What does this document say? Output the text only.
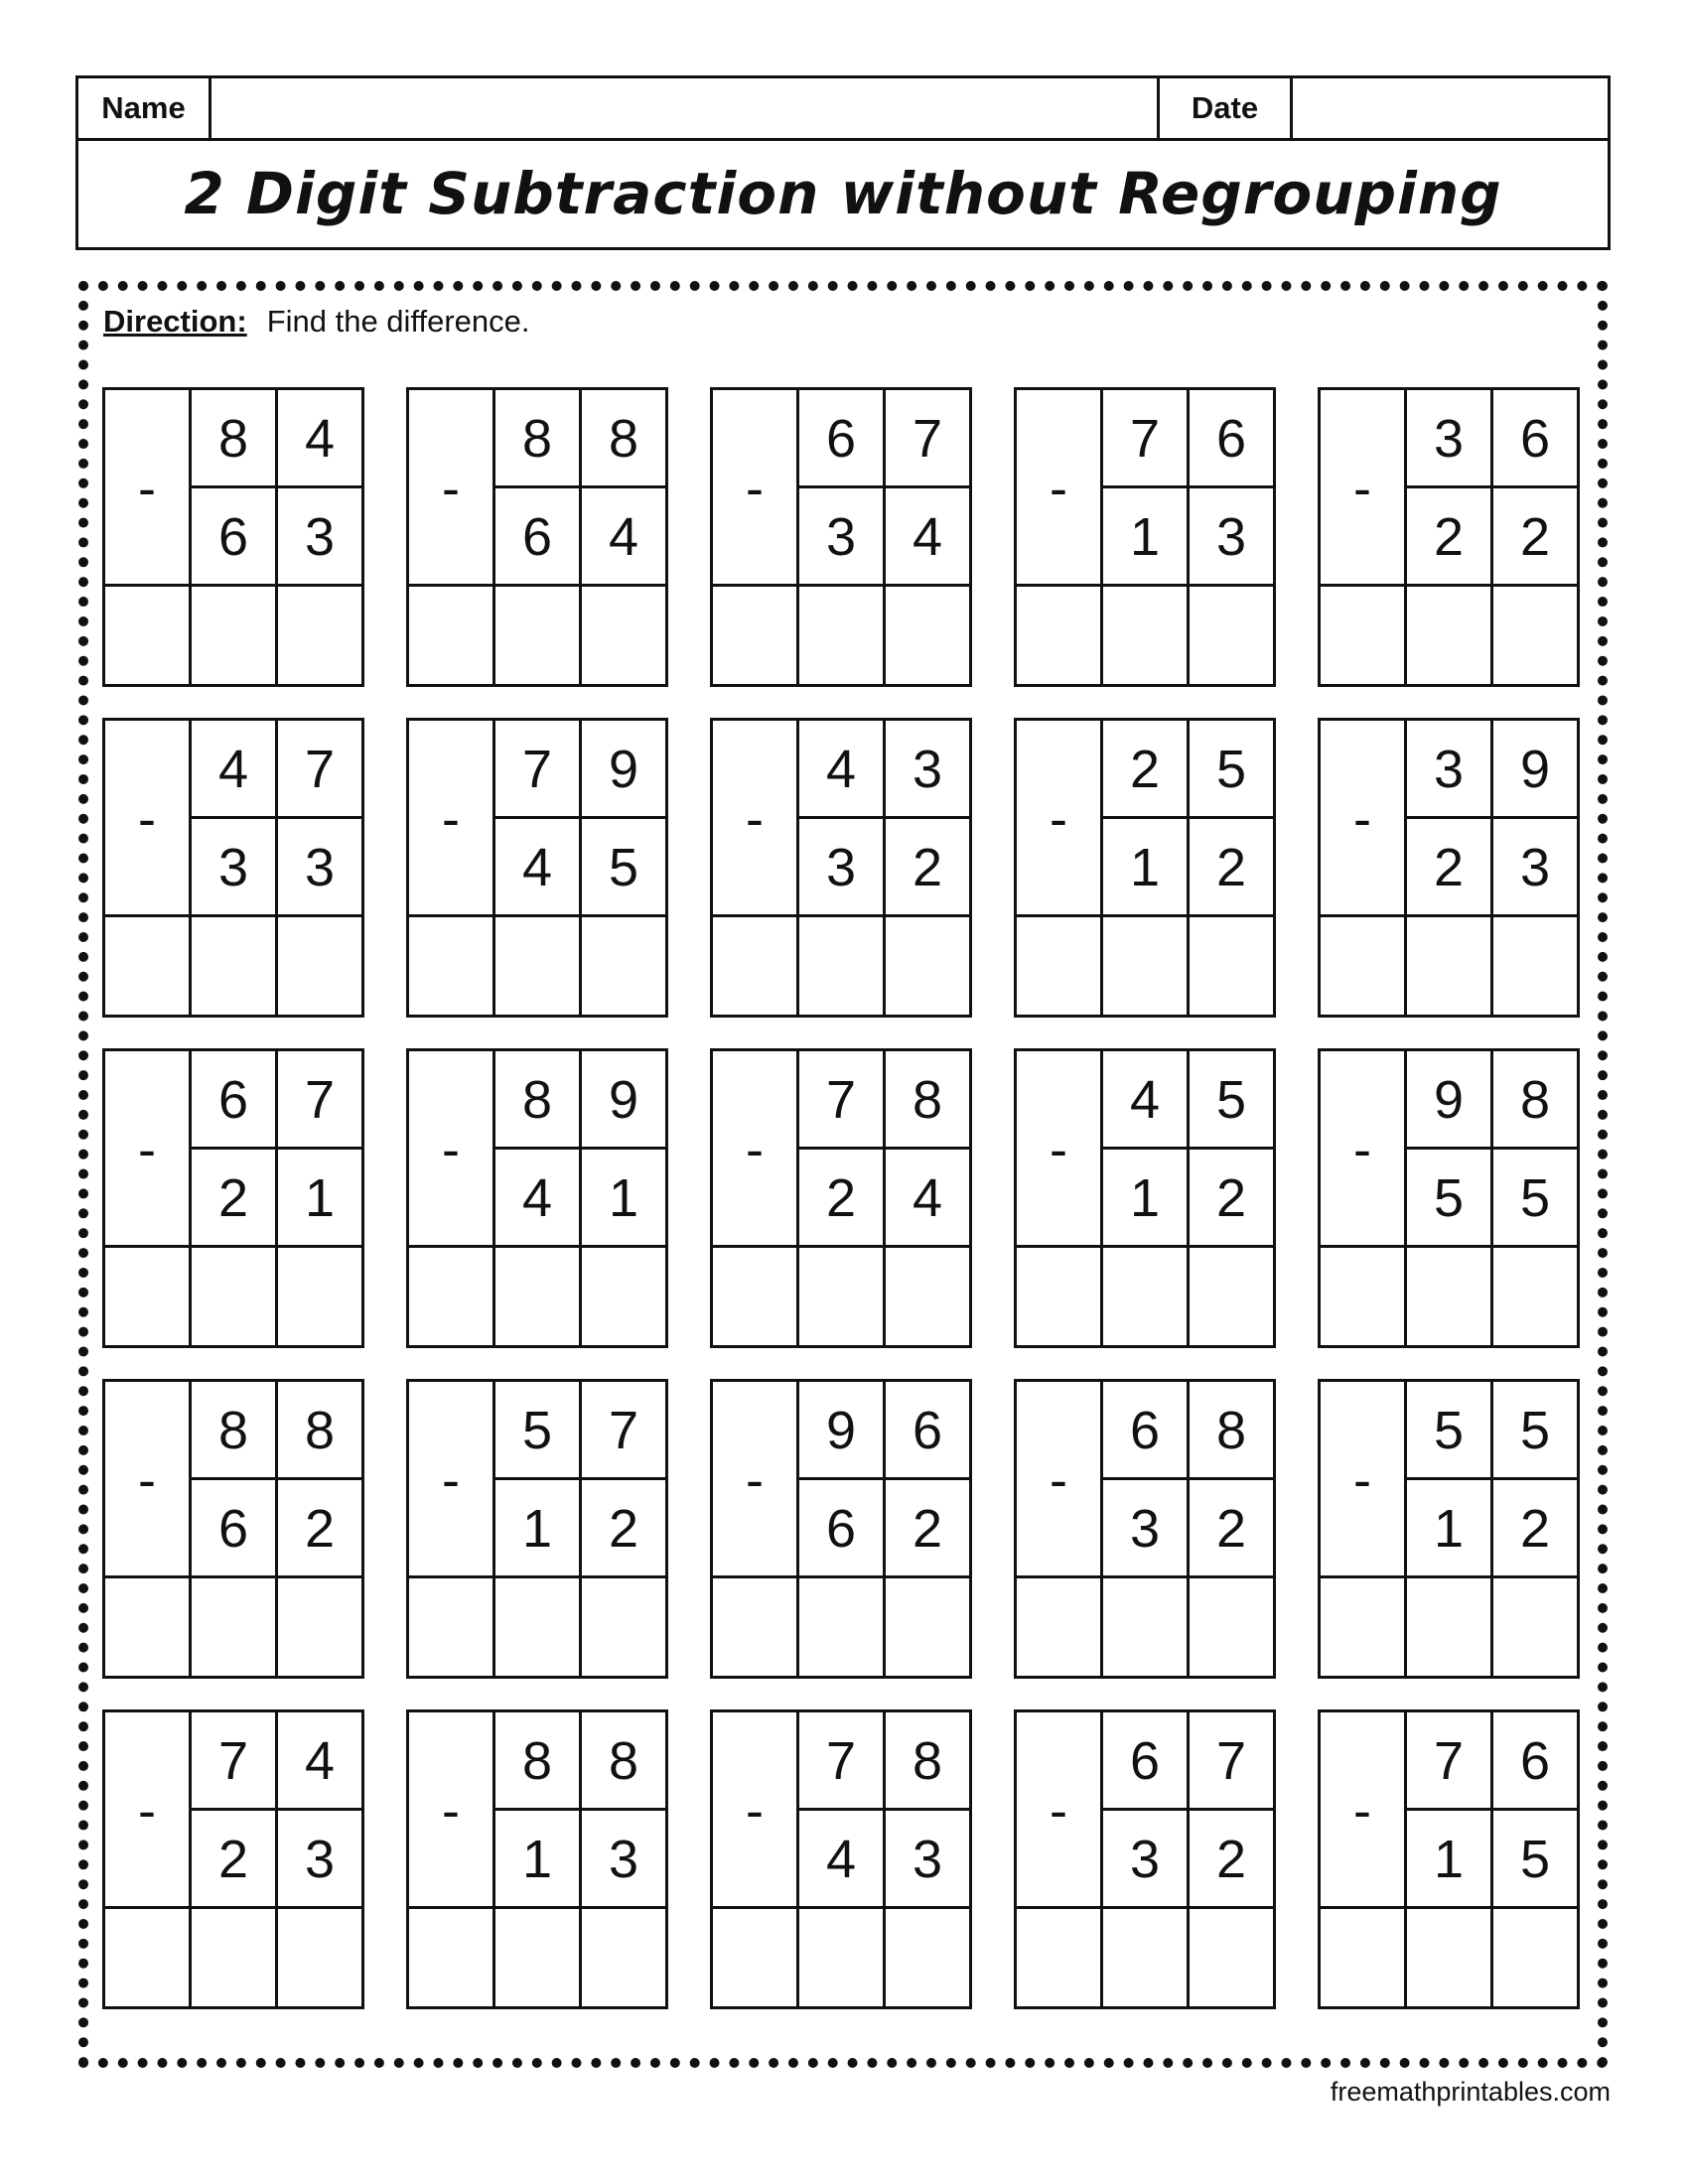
Name	Date
2 Digit Subtraction without Regrouping
Direction: Find the difference.
-
8	4
6	3
-
8	8
6	4
-
6	7
3	4
-
7	6
1	3
-
3	6
2	2
-
4	7
3	3
-
7	9
4	5
-
4	3
3	2
-
2	5
1	2
-
3	9
2	3
-
6	7
2	1
-
8	9
4	1
-
7	8
2	4
-
4	5
1	2
-
9	8
5	5
-
8	8
6	2
-
5	7
1	2
-
9	6
6	2
-
6	8
3	2
-
5	5
1	2
-
7	4
2	3
-
8	8
1	3
-
7	8
4	3
-
6	7
3	2
-
7	6
1	5
freemathprintables.com
